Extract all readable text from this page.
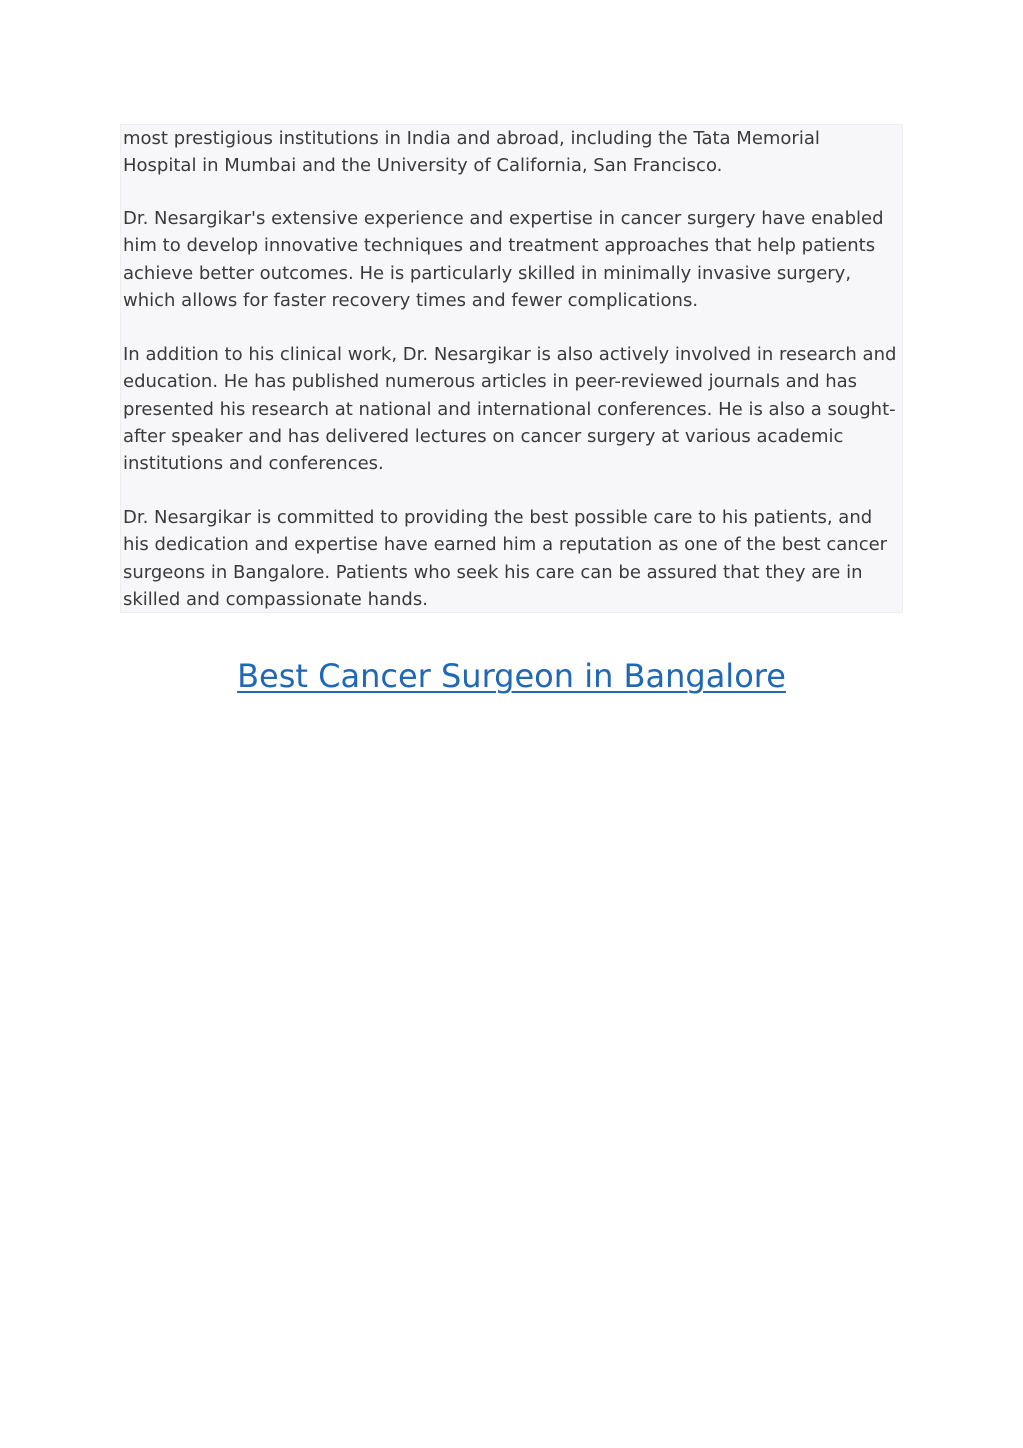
most prestigious institutions in India and abroad, including the Tata Memorial
Hospital in Mumbai and the University of California, San Francisco.

Dr. Nesargikar's extensive experience and expertise in cancer surgery have enabled
him to develop innovative techniques and treatment approaches that help patients
achieve better outcomes. He is particularly skilled in minimally invasive surgery,
which allows for faster recovery times and fewer complications.

In addition to his clinical work, Dr. Nesargikar is also actively involved in research and
education. He has published numerous articles in peer-reviewed journals and has
presented his research at national and international conferences. He is also a sought-
after speaker and has delivered lectures on cancer surgery at various academic
institutions and conferences.

Dr. Nesargikar is committed to providing the best possible care to his patients, and
his dedication and expertise have earned him a reputation as one of the best cancer
surgeons in Bangalore. Patients who seek his care can be assured that they are in
skilled and compassionate hands.

Best Cancer Surgeon in Bangalore
